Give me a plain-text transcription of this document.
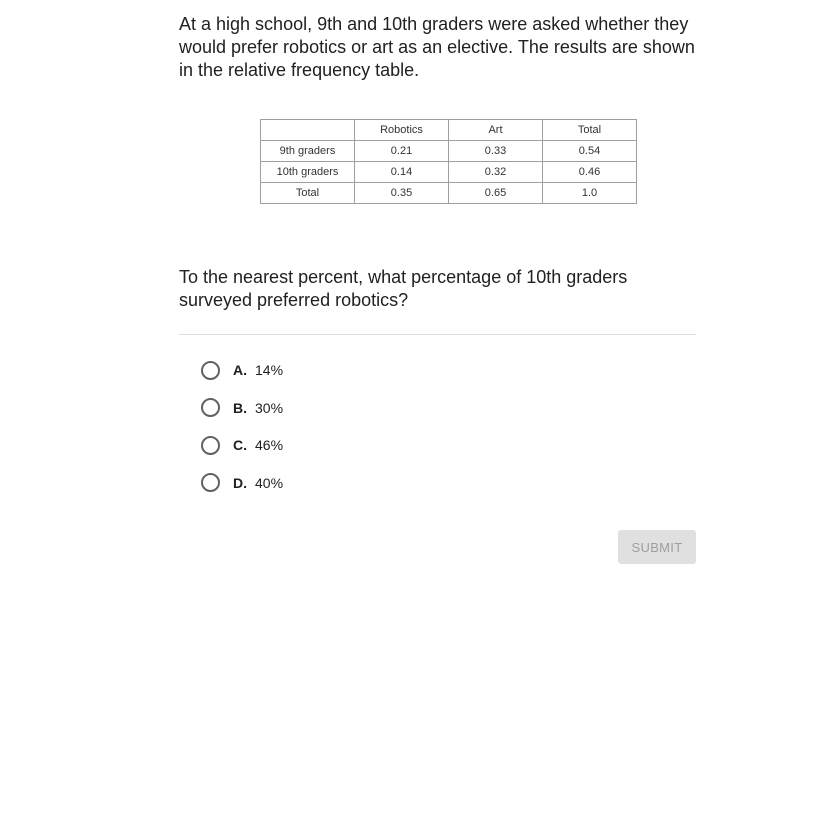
At a high school, 9th and 10th graders were asked whether they would prefer robotics or art as an elective. The results are shown in the relative frequency table.

	Robotics	Art	Total
9th graders	0.21	0.33	0.54
10th graders	0.14	0.32	0.46
Total	0.35	0.65	1.0

To the nearest percent, what percentage of 10th graders surveyed preferred robotics?

A. 14%
B. 30%
C. 46%
D. 40%
SUBMIT
